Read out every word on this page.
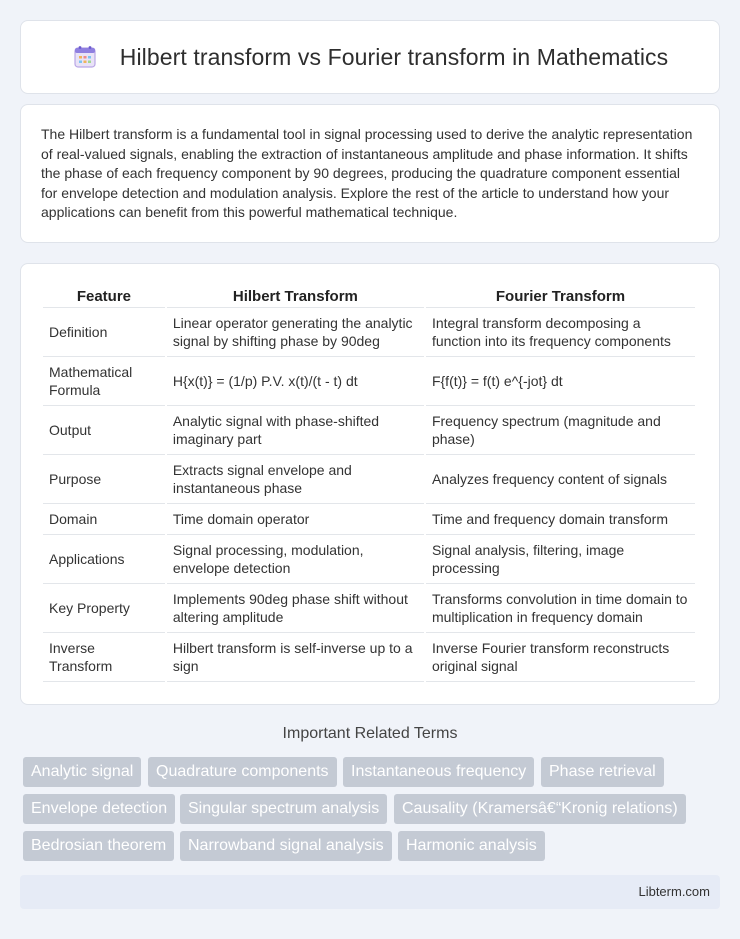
Hilbert transform vs Fourier transform in Mathematics

The Hilbert transform is a fundamental tool in signal processing used to derive the analytic representation of real-valued signals, enabling the extraction of instantaneous amplitude and phase information. It shifts the phase of each frequency component by 90 degrees, producing the quadrature component essential for envelope detection and modulation analysis. Explore the rest of the article to understand how your applications can benefit from this powerful mathematical technique.

Feature	Hilbert Transform	Fourier Transform
Definition	Linear operator generating the analytic signal by shifting phase by 90deg	Integral transform decomposing a function into its frequency components
Mathematical Formula	H{x(t)} = (1/p) P.V. x(t)/(t - t) dt	F{f(t)} = f(t) e^{-jot} dt
Output	Analytic signal with phase-shifted imaginary part	Frequency spectrum (magnitude and phase)
Purpose	Extracts signal envelope and instantaneous phase	Analyzes frequency content of signals
Domain	Time domain operator	Time and frequency domain transform
Applications	Signal processing, modulation, envelope detection	Signal analysis, filtering, image processing
Key Property	Implements 90deg phase shift without altering amplitude	Transforms convolution in time domain to multiplication in frequency domain
Inverse Transform	Hilbert transform is self-inverse up to a sign	Inverse Fourier transform reconstructs original signal
Important Related Terms
Analytic signal	Quadrature components	Instantaneous frequency	Phase retrieval
Envelope detection	Singular spectrum analysis	Causality (Kramersâ€“Kronig relations)
Bedrosian theorem	Narrowband signal analysis	Harmonic analysis
Libterm.com
